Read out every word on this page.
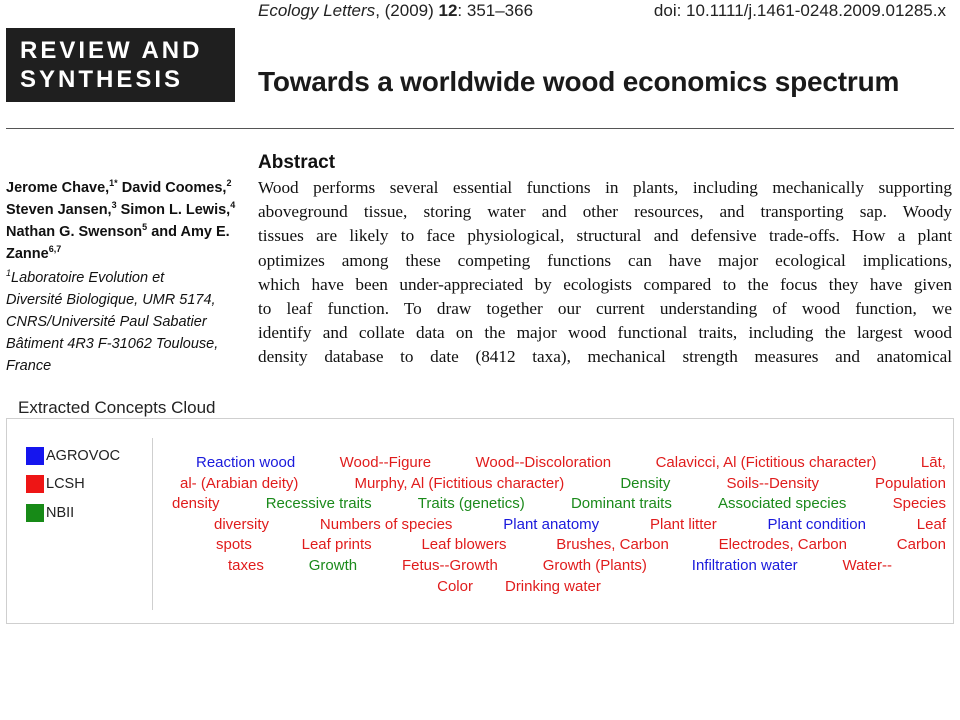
Ecology Letters, (2009) 12: 351–366	doi: 10.1111/j.1461-0248.2009.01285.x
REVIEW AND
SYNTHESIS	Towards a worldwide wood economics spectrum
Jerome Chave,$^{1*}$ David Coomes,$^2$
Steven Jansen,$^3$ Simon L. Lewis,$^4$
Nathan G. Swenson$^5$ and Amy E. Zanne$^{6,7}$

$^1$Laboratoire Evolution et

Diversité Biologique, UMR 5174,

CNRS/Université Paul Sabatier

Bâtiment 4R3 F-31062 Toulouse,

France

Abstract

Wood performs several essential functions in plants, including mechanically supporting

aboveground tissue, storing water and other resources, and transporting sap. Woody

tissues are likely to face physiological, structural and defensive trade-offs. How a plant

optimizes among these competing functions can have major ecological implications,

which have been under-appreciated by ecologists compared to the focus they have given

to leaf function. To draw together our current understanding of wood function, we

identify and collate data on the major wood functional traits, including the largest wood

density database to date (8412 taxa), mechanical strength measures and anatomical

Extracted Concepts Cloud
AGROVOC
LCSH
NBII
Reaction wood	Wood--Figure	Wood--Discoloration	Calavicci, Al (Fictitious character)	Lāt,
al- (Arabian deity)	Murphy, Al (Fictitious character)	Density	Soils--Density	Population
density	Recessive traits	Traits (genetics)	Dominant traits	Associated species	Species
diversity	Numbers of species	Plant anatomy	Plant litter	Plant condition	Leaf
spots	Leaf prints	Leaf blowers	Brushes, Carbon	Electrodes, Carbon	Carbon
taxes	Growth	Fetus--Growth	Growth (Plants)	Infiltration water	Water--
Color Drinking water
